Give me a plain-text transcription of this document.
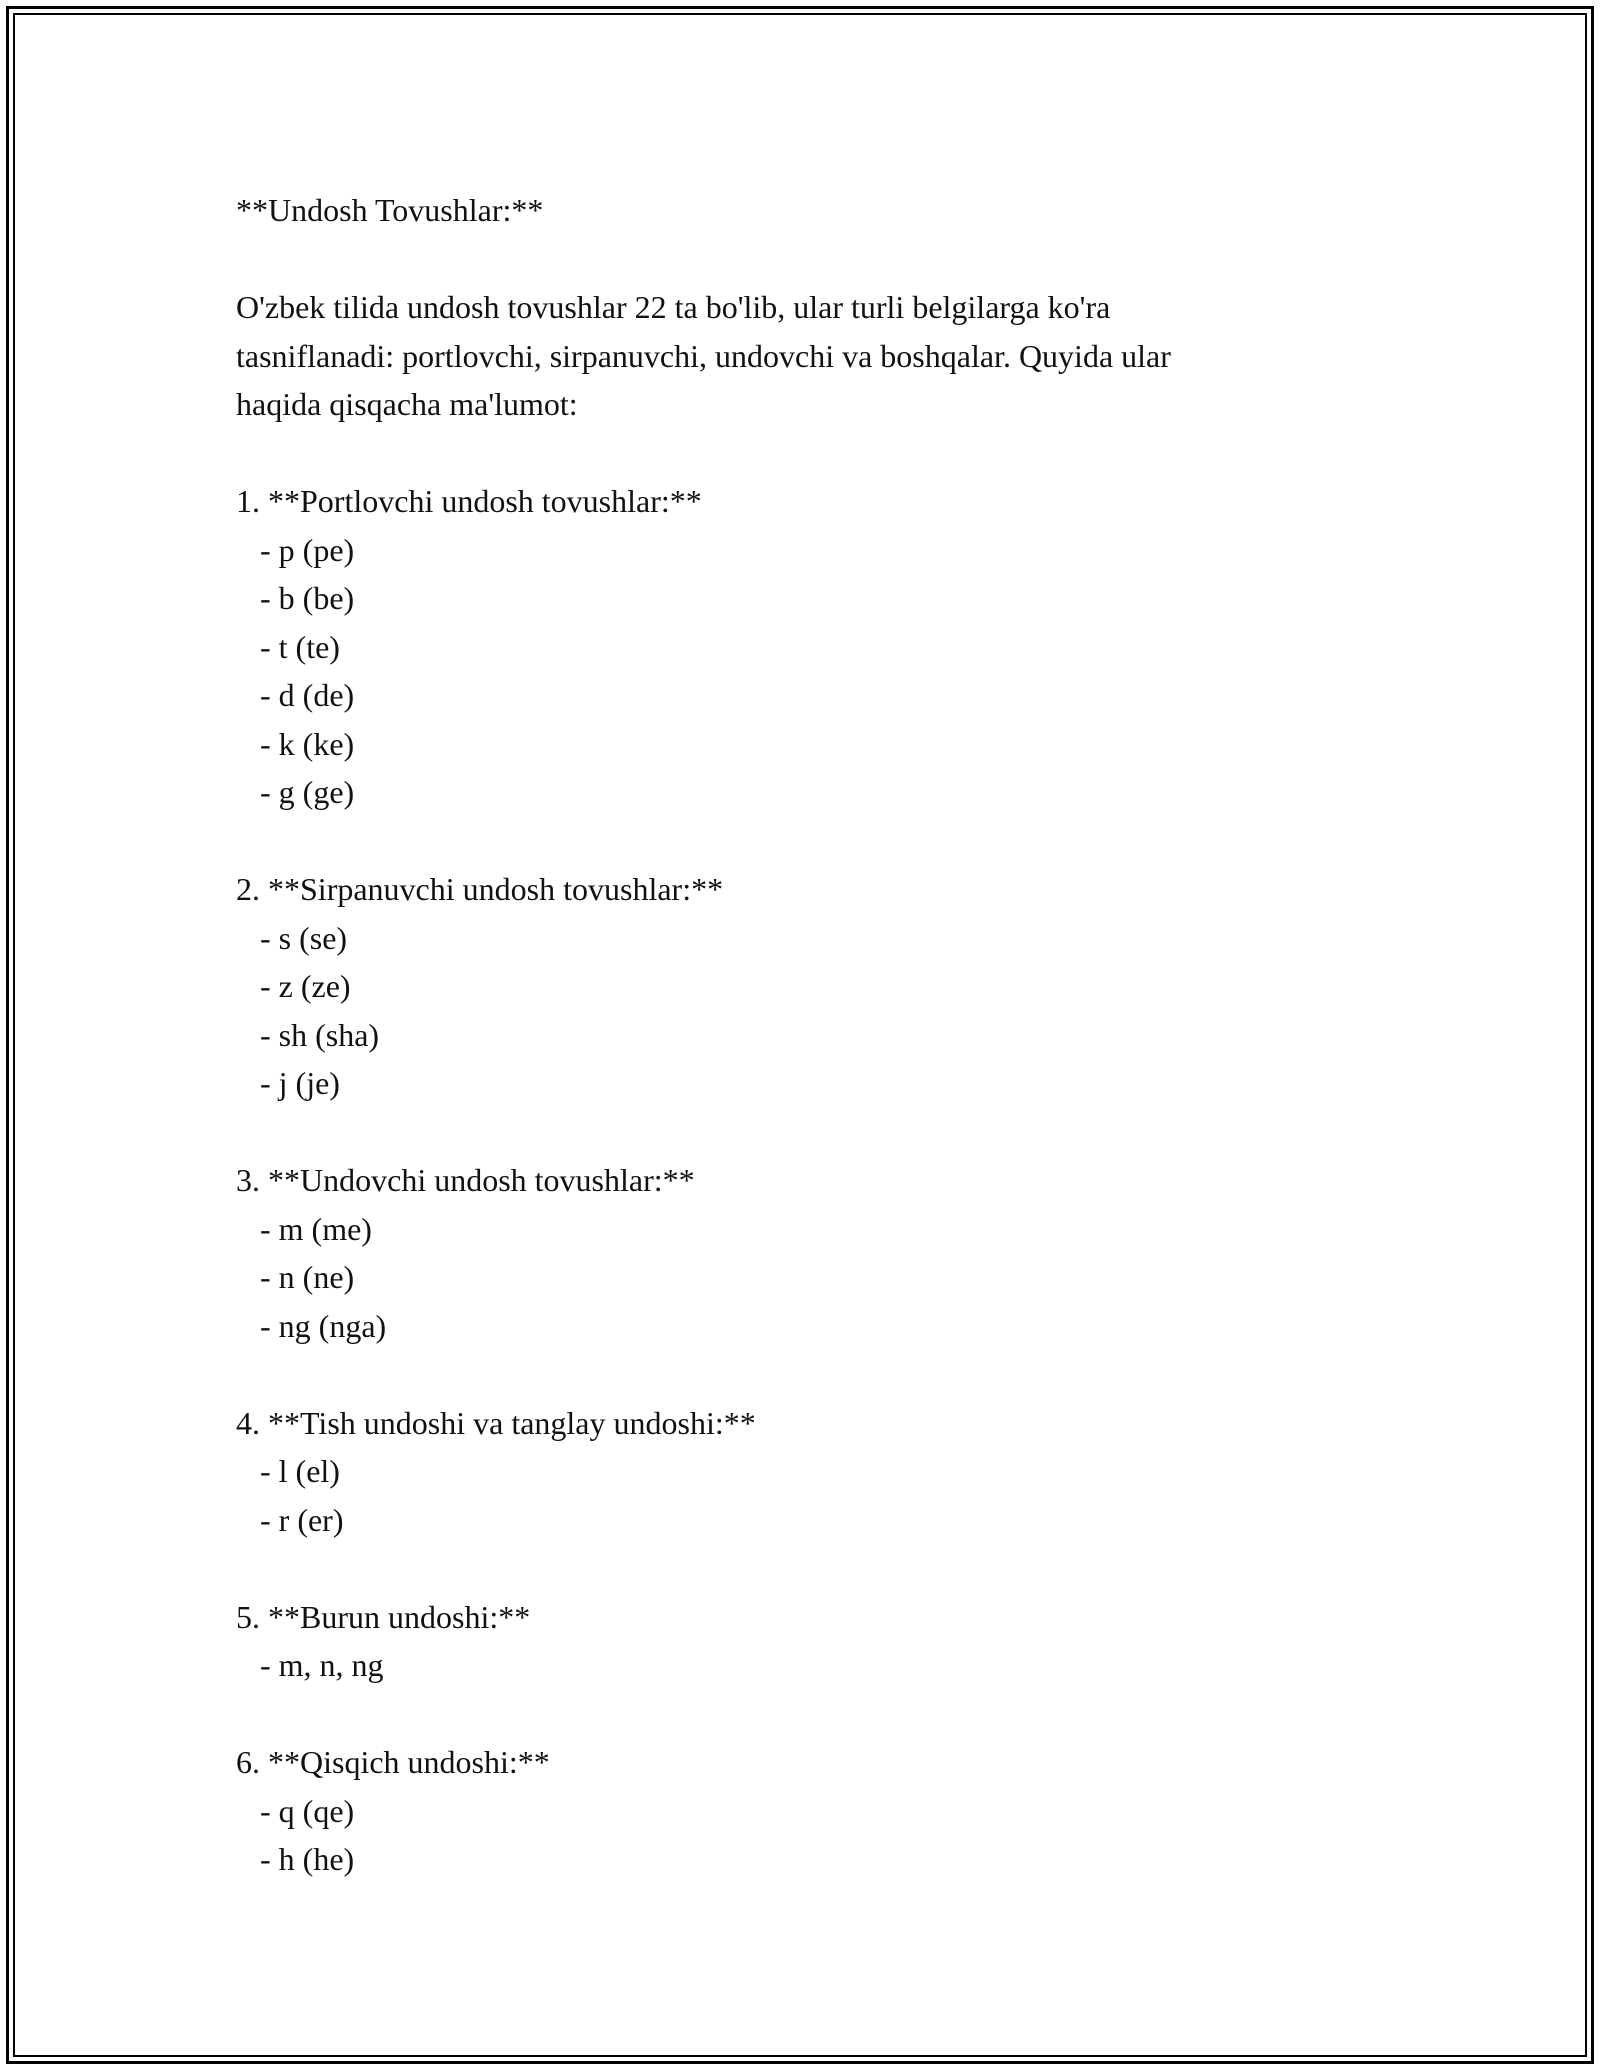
**Undosh Tovushlar:**

O'zbek tilida undosh tovushlar 22 ta bo'lib, ular turli belgilarga ko'ra

tasniflanadi: portlovchi, sirpanuvchi, undovchi va boshqalar. Quyida ular

haqida qisqacha ma'lumot:

1. **Portlovchi undosh tovushlar:**

- p (pe)

- b (be)

- t (te)

- d (de)

- k (ke)

- g (ge)

2. **Sirpanuvchi undosh tovushlar:**

- s (se)

- z (ze)

- sh (sha)

- j (je)

3. **Undovchi undosh tovushlar:**

- m (me)

- n (ne)

- ng (nga)

4. **Tish undoshi va tanglay undoshi:**

- l (el)

- r (er)

5. **Burun undoshi:**

- m, n, ng

6. **Qisqich undoshi:**

- q (qe)

- h (he)
